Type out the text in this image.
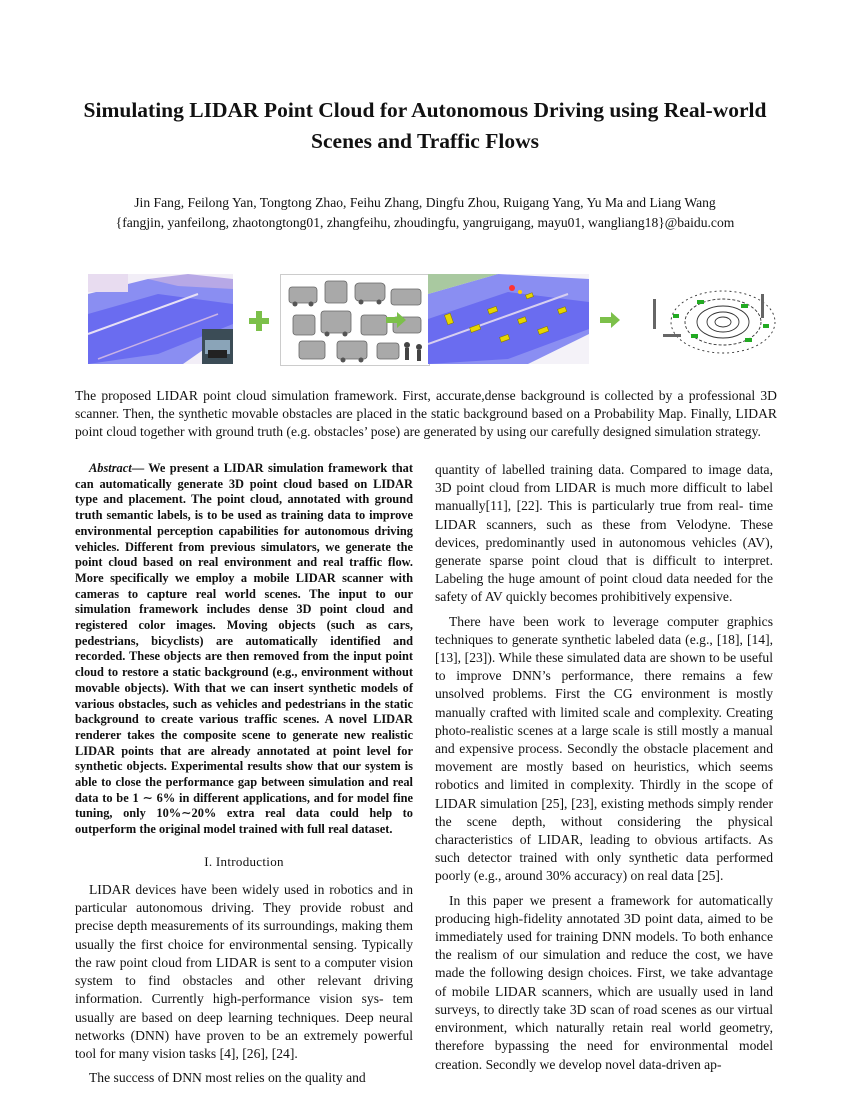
Simulating LIDAR Point Cloud for Autonomous Driving using Real-world Scenes and Traffic Flows
Jin Fang, Feilong Yan, Tongtong Zhao, Feihu Zhang, Dingfu Zhou, Ruigang Yang, Yu Ma and Liang Wang
{fangjin, yanfeilong, zhaotongtong01, zhangfeihu, zhoudingfu, yangruigang, mayu01, wangliang18}@baidu.com

The proposed LIDAR point cloud simulation framework. First, accurate,dense background is collected by a professional 3D scanner. Then, the synthetic movable obstacles are placed in the static background based on a Probability Map. Finally, LIDAR point cloud together with ground truth (e.g. obstacles’ pose) are generated by using our carefully designed simulation strategy.

Abstract— We present a LIDAR simulation framework that can automatically generate 3D point cloud based on LIDAR type and placement. The point cloud, annotated with ground truth semantic labels, is to be used as training data to improve environmental perception capabilities for autonomous driving vehicles. Different from previous simulators, we generate the point cloud based on real environment and real traffic flow. More specifically we employ a mobile LIDAR scanner with cameras to capture real world scenes. The input to our simulation framework includes dense 3D point cloud and registered color images. Moving objects (such as cars, pedestrians, bicyclists) are automatically identified and recorded. These objects are then removed from the input point cloud to restore a static background (e.g., environment without movable objects). With that we can insert synthetic models of various obstacles, such as vehicles and pedestrians in the static background to create various traffic scenes. A novel LIDAR renderer takes the composite scene to generate new realistic LIDAR points that are already annotated at point level for synthetic objects. Experimental results show that our system is able to close the performance gap between simulation and real data to be 1 ∼ 6% in different applications, and for model fine tuning, only 10%∼20% extra real data could help to outperform the original model trained with full real dataset.

I. Introduction

LIDAR devices have been widely used in robotics and in particular autonomous driving. They provide robust and precise depth measurements of its surroundings, making them usually the first choice for environmental sensing. Typically the raw point cloud from LIDAR is sent to a computer vision system to find obstacles and other relevant driving information. Currently high-performance vision sys- tem usually are based on deep learning techniques. Deep neural networks (DNN) have proven to be an extremely powerful tool for many vision tasks [4], [26], [24].

The success of DNN most relies on the quality and

quantity of labelled training data. Compared to image data, 3D point cloud from LIDAR is much more difficult to label manually[11], [22]. This is particularly true from real- time LIDAR scanners, such as these from Velodyne. These devices, predominantly used in autonomous vehicles (AV), generate sparse point cloud that is difficult to interpret. Labeling the huge amount of point cloud data needed for the safety of AV quickly becomes prohibitively expensive.

There have been work to leverage computer graphics techniques to generate synthetic labeled data (e.g., [18], [14], [13], [23]). While these simulated data are shown to be useful to improve DNN’s performance, there remains a few unsolved problems. First the CG environment is mostly manually crafted with limited scale and complexity. Creating photo-realistic scenes at a large scale is still mostly a manual and expensive process. Secondly the obstacle placement and movement are mostly based on heuristics, which seems robotics and limited in complexity. Thirdly in the scope of LIDAR simulation [25], [23], existing methods simply render the scene depth, without considering the physical characteristics of LIDAR, leading to obvious artifacts. As such detector trained with only synthetic data performed poorly (e.g., around 30% accuracy) on real data [25].

In this paper we present a framework for automatically producing high-fidelity annotated 3D point data, aimed to be immediately used for training DNN models. To both enhance the realism of our simulation and reduce the cost, we have made the following design choices. First, we take advantage of mobile LIDAR scanners, which are usually used in land surveys, to directly take 3D scan of road scenes as our virtual environment, which naturally retain real world geometry, therefore bypassing the need for environmental model creation. Secondly we develop novel data-driven ap-
